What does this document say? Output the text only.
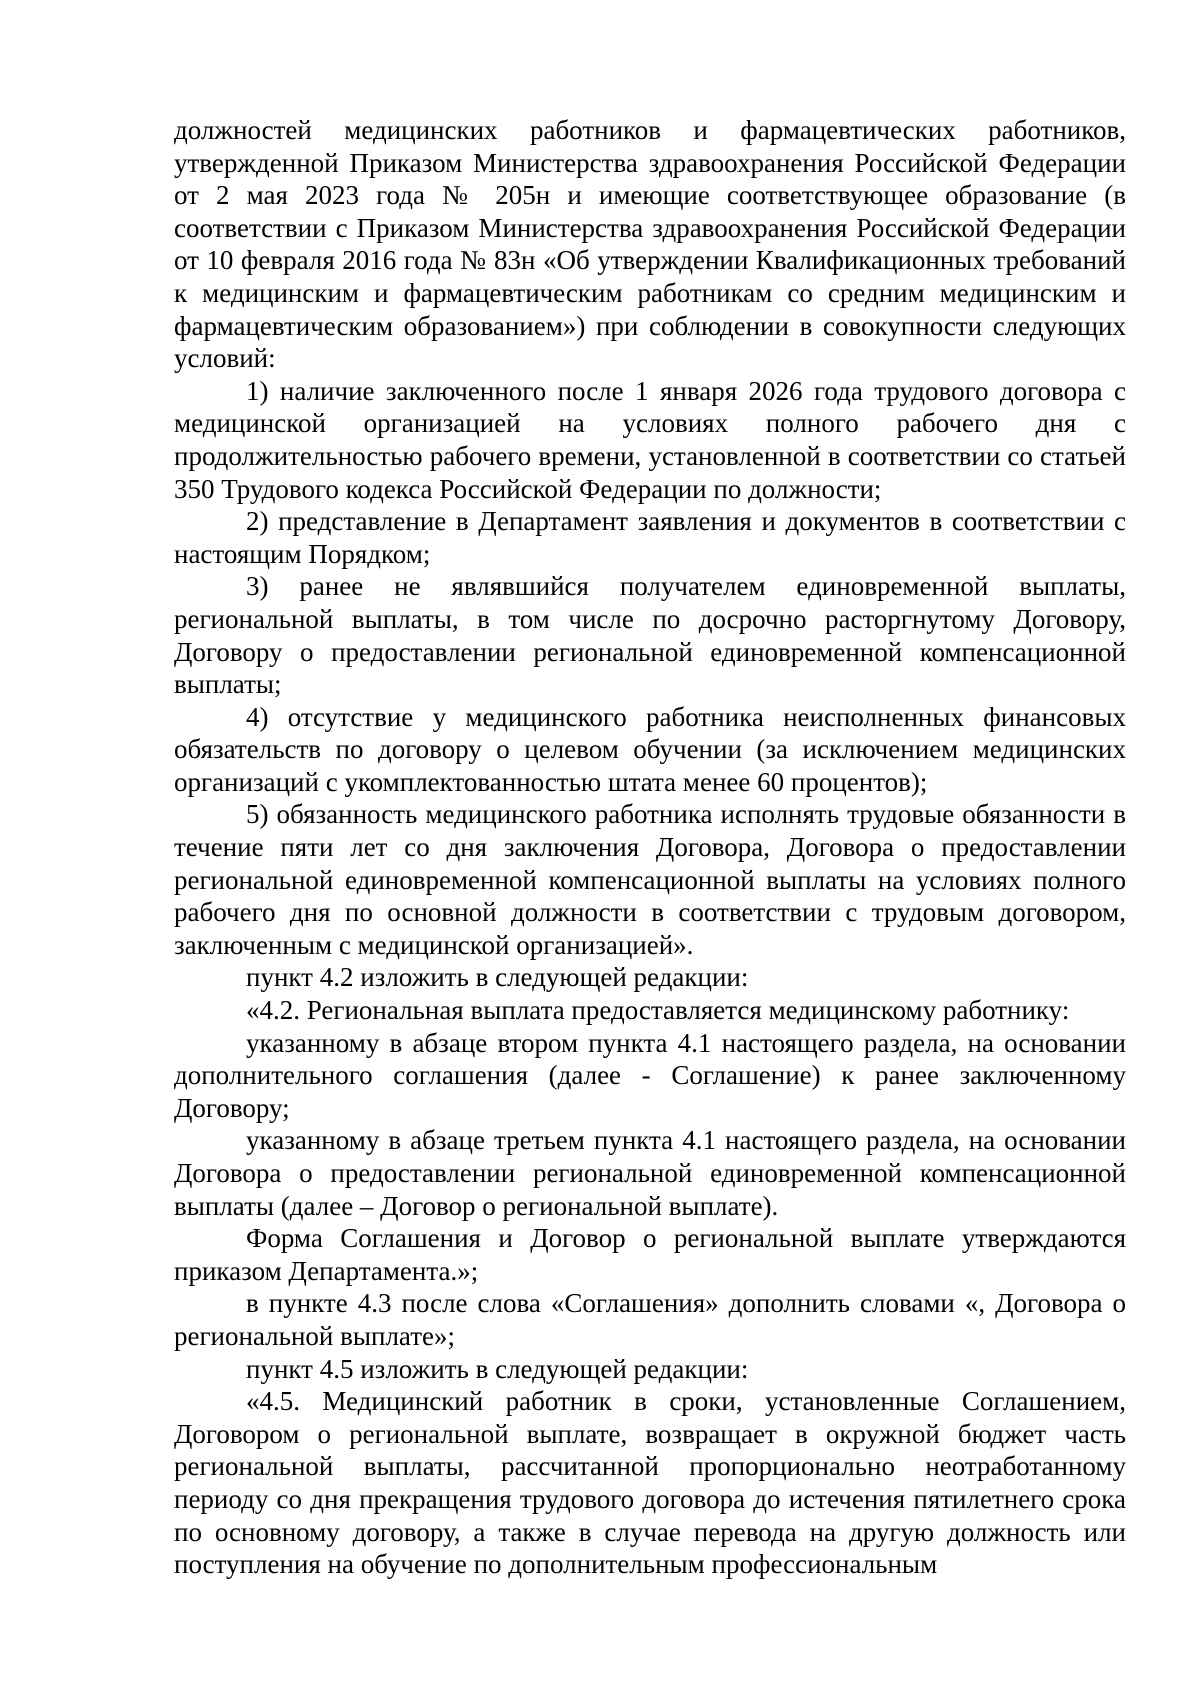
должностей медицинских работников и фармацевтических работников, утвержденной Приказом Министерства здравоохранения Российской Федерации от 2 мая 2023 года № 205н и имеющие соответствующее образование (в соответствии с Приказом Министерства здравоохранения Российской Федерации от 10 февраля 2016 года № 83н «Об утверждении Квалификационных требований к медицинским и фармацевтическим работникам со средним медицинским и фармацевтическим образованием») при соблюдении в совокупности следующих условий:

1) наличие заключенного после 1 января 2026 года трудового договора с медицинской организацией на условиях полного рабочего дня с продолжительностью рабочего времени, установленной в соответствии со статьей 350 Трудового кодекса Российской Федерации по должности;

2) представление в Департамент заявления и документов в соответствии с настоящим Порядком;

3) ранее не являвшийся получателем единовременной выплаты, региональной выплаты, в том числе по досрочно расторгнутому Договору, Договору о предоставлении региональной единовременной компенсационной выплаты;

4) отсутствие у медицинского работника неисполненных финансовых обязательств по договору о целевом обучении (за исключением медицинских организаций с укомплектованностью штата менее 60 процентов);

5) обязанность медицинского работника исполнять трудовые обязанности в течение пяти лет со дня заключения Договора, Договора о предоставлении региональной единовременной компенсационной выплаты на условиях полного рабочего дня по основной должности в соответствии с трудовым договором, заключенным с медицинской организацией».

пункт 4.2 изложить в следующей редакции:

«4.2. Региональная выплата предоставляется медицинскому работнику:

указанному в абзаце втором пункта 4.1 настоящего раздела, на основании дополнительного соглашения (далее - Соглашение) к ранее заключенному Договору;

указанному в абзаце третьем пункта 4.1 настоящего раздела, на основании Договора о предоставлении региональной единовременной компенсационной выплаты (далее – Договор о региональной выплате).

Форма Соглашения и Договор о региональной выплате утверждаются приказом Департамента.»;

в пункте 4.3 после слова «Соглашения» дополнить словами «, Договора о региональной выплате»;

пункт 4.5 изложить в следующей редакции:

«4.5. Медицинский работник в сроки, установленные Соглашением, Договором о региональной выплате, возвращает в окружной бюджет часть региональной выплаты, рассчитанной пропорционально неотработанному периоду со дня прекращения трудового договора до истечения пятилетнего срока по основному договору, а также в случае перевода на другую должность или поступления на обучение по дополнительным профессиональным
